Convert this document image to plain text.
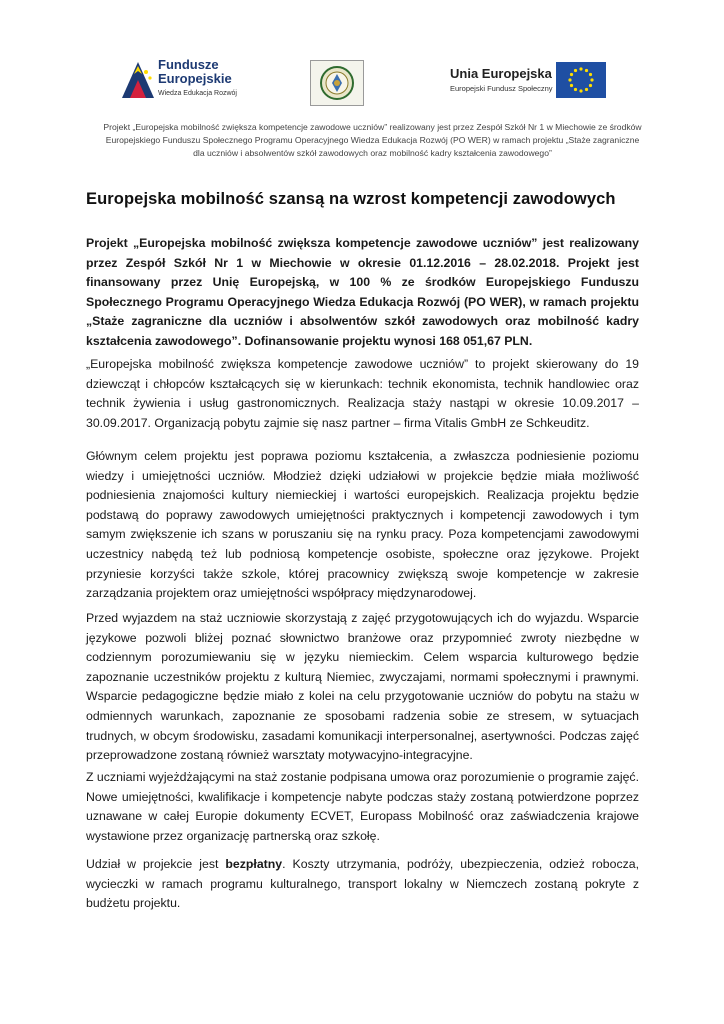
Fundusze
Europejskie
Wiedza Edukacja Rozwój
Unia Europejska
Europejski Fundusz Społeczny
Projekt „Europejska mobilność zwiększa kompetencje zawodowe uczniów” realizowany jest przez Zespół Szkół Nr 1 w Miechowie ze środków Europejskiego Funduszu Społecznego Programu Operacyjnego Wiedza Edukacja Rozwój (PO WER) w ramach projektu „Staże zagraniczne dla uczniów i absolwentów szkół zawodowych oraz mobilność kadry kształcenia zawodowego”
Europejska mobilność szansą na wzrost kompetencji zawodowych

Projekt „Europejska mobilność zwiększa kompetencje zawodowe uczniów” jest realizowany przez Zespół Szkół Nr 1 w Miechowie w okresie 01.12.2016 – 28.02.2018. Projekt jest finansowany przez Unię Europejską, w 100 % ze środków Europejskiego Funduszu Społecznego Programu Operacyjnego Wiedza Edukacja Rozwój (PO WER), w ramach projektu „Staże zagraniczne dla uczniów i absolwentów szkół zawodowych oraz mobilność kadry kształcenia zawodowego”. Dofinansowanie projektu wynosi 168 051,67 PLN.

„Europejska mobilność zwiększa kompetencje zawodowe uczniów” to projekt skierowany do 19 dziewcząt i chłopców kształcących się w kierunkach: technik ekonomista, technik handlowiec oraz technik żywienia i usług gastronomicznych. Realizacja staży nastąpi w okresie 10.09.2017 – 30.09.2017. Organizacją pobytu zajmie się nasz partner – firma Vitalis GmbH ze Schkeuditz.

Głównym celem projektu jest poprawa poziomu kształcenia, a zwłaszcza podniesienie poziomu wiedzy i umiejętności uczniów. Młodzież dzięki udziałowi w projekcie będzie miała możliwość podniesienia znajomości kultury niemieckiej i wartości europejskich. Realizacja projektu będzie podstawą do poprawy zawodowych umiejętności praktycznych i kompetencji zawodowych i tym samym zwiększenie ich szans w poruszaniu się na rynku pracy. Poza kompetencjami zawodowymi uczestnicy nabędą też lub podniosą kompetencje osobiste, społeczne oraz językowe. Projekt przyniesie korzyści także szkole, której pracownicy zwiększą swoje kompetencje w zakresie zarządzania projektem oraz umiejętności współpracy międzynarodowej.

Przed wyjazdem na staż uczniowie skorzystają z zajęć przygotowujących ich do wyjazdu. Wsparcie językowe pozwoli bliżej poznać słownictwo branżowe oraz przypomnieć zwroty niezbędne w codziennym porozumiewaniu się w języku niemieckim. Celem wsparcia kulturowego będzie zapoznanie uczestników projektu z kulturą Niemiec, zwyczajami, normami społecznymi i prawnymi. Wsparcie pedagogiczne będzie miało z kolei na celu przygotowanie uczniów do pobytu na stażu w odmiennych warunkach, zapoznanie ze sposobami radzenia sobie ze stresem, w sytuacjach trudnych, w obcym środowisku, zasadami komunikacji interpersonalnej, asertywności. Podczas zajęć przeprowadzone zostaną również warsztaty motywacyjno-integracyjne.

Z uczniami wyjeżdżającymi na staż zostanie podpisana umowa oraz porozumienie o programie zajęć. Nowe umiejętności, kwalifikacje i kompetencje nabyte podczas staży zostaną potwierdzone poprzez uznawane w całej Europie dokumenty ECVET, Europass Mobilność oraz zaświadczenia krajowe wystawione przez organizację partnerską oraz szkołę.

Udział w projekcie jest bezpłatny. Koszty utrzymania, podróży, ubezpieczenia, odzież robocza, wycieczki w ramach programu kulturalnego, transport lokalny w Niemczech zostaną pokryte z budżetu projektu.
